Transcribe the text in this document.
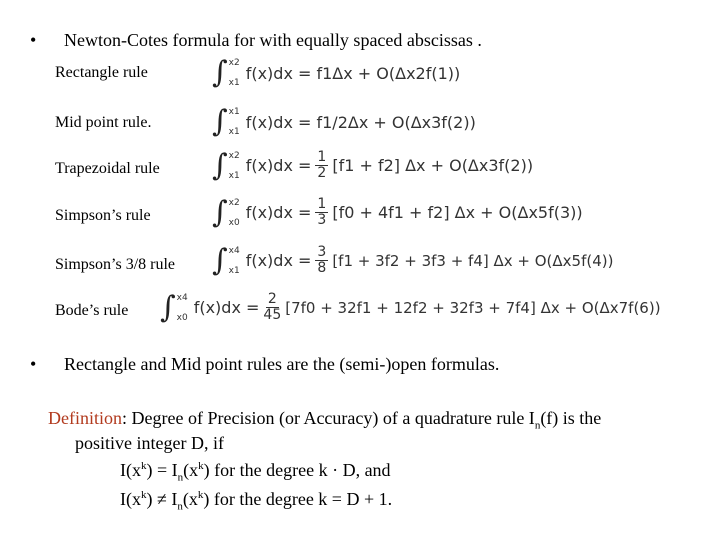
• Newton-Cotes formula for with equally spaced abscissas .
Rectangle rule ∫ x2
x1
f(x)dx = f1Δx + O(Δx2f(1))
Mid point rule. ∫ x1
x1
f(x)dx = f1/2Δx + O(Δx3f(2))
Trapezoidal rule ∫ x2
x1
$f(x)dx = \frac{1}{2} [f1 + f2] \Delta x + O(\Delta x3f(2))$
Simpson’s rule ∫ x2
x0
$f(x)dx = \frac{1}{3} [f0 + 4f1 + f2] \Delta x + O(\Delta x5f(3))$
Simpson’s 3/8 rule ∫ x4
x1
$f(x)dx = \frac{3}{8} [f1 + 3f2 + 3f3 + f4] \Delta x + O(\Delta x5f(4))$
Bode’s rule ∫ x4
x0
$f(x)dx = \frac{2}{45} [7f0 + 32f1 + 12f2 + 32f3 + 7f4] \Delta x + O(\Delta x7f(6))$
• Rectangle and Mid point rules are the (semi-)open formulas.
Definition: Degree of Precision (or Accuracy) of a quadrature rule $I_n(f)$ is the
positive integer D, if
$I(x^k) = I_n(x^k)$ for the degree k · D, and
$I(x^k) \ne I_n(x^k)$ for the degree k = D + 1.
